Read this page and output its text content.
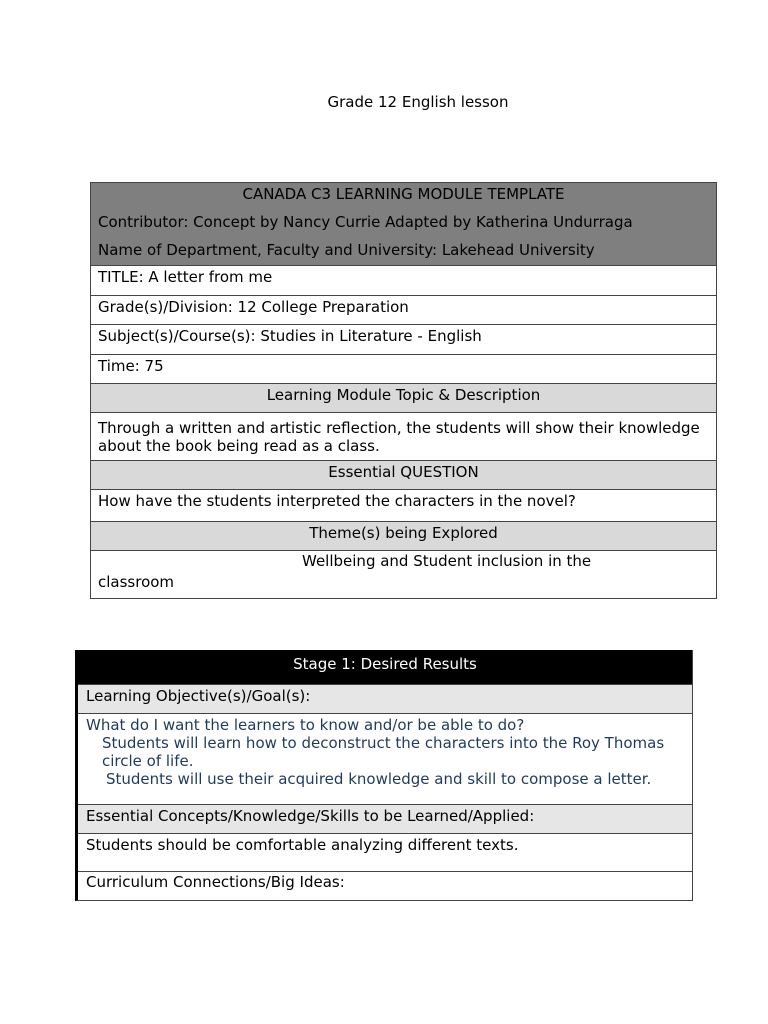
Grade 12 English lesson
CANADA C3 LEARNING MODULE TEMPLATE
Contributor: Concept by Nancy Currie Adapted by Katherina Undurraga
Name of Department, Faculty and University: Lakehead University
TITLE: A letter from me
Grade(s)/Division: 12 College Preparation
Subject(s)/Course(s): Studies in Literature - English
Time: 75
Learning Module Topic & Description
Through a written and artistic reflection, the students will show their knowledge about the book being read as a class.
Essential QUESTION
How have the students interpreted the characters in the novel?
Theme(s) being Explored
Wellbeing and Student inclusion in the
classroom
Stage 1: Desired Results
Learning Objective(s)/Goal(s):
What do I want the learners to know and/or be able to do?
Students will learn how to deconstruct the characters into the Roy Thomas circle of life.
Students will use their acquired knowledge and skill to compose a letter.
Essential Concepts/Knowledge/Skills to be Learned/Applied:
Students should be comfortable analyzing different texts.
Curriculum Connections/Big Ideas:
